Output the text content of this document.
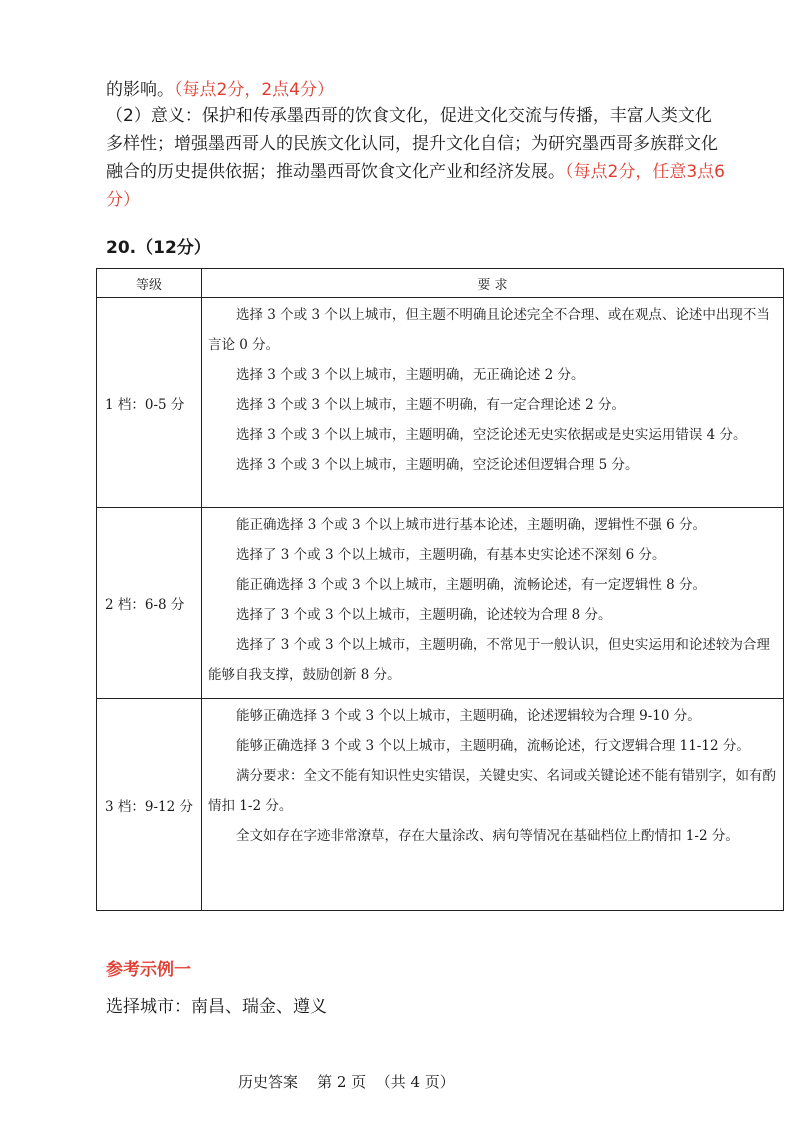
的影响。（每点2分，2点4分）
（2）意义：保护和传承墨西哥的饮食文化，促进文化交流与传播，丰富人类文化多样性；增强墨西哥人的民族文化认同，提升文化自信；为研究墨西哥多族群文化融合的历史提供依据；推动墨西哥饮食文化产业和经济发展。（每点2分，任意3点6分）
20.（12分）
等级	要 求
1 档：0-5 分	选择 3 个或 3 个以上城市，但主题不明确且论述完全不合理、或在观点、论述中出现不当言论 0 分。

选择 3 个或 3 个以上城市，主题明确，无正确论述 2 分。

选择 3 个或 3 个以上城市，主题不明确，有一定合理论述 2 分。

选择 3 个或 3 个以上城市，主题明确，空泛论述无史实依据或是史实运用错误 4 分。

选择 3 个或 3 个以上城市，主题明确，空泛论述但逻辑合理 5 分。

2 档：6-8 分	能正确选择 3 个或 3 个以上城市进行基本论述，主题明确，逻辑性不强 6 分。

选择了 3 个或 3 个以上城市，主题明确，有基本史实论述不深刻 6 分。

能正确选择 3 个或 3 个以上城市，主题明确，流畅论述，有一定逻辑性 8 分。

选择了 3 个或 3 个以上城市，主题明确，论述较为合理 8 分。

选择了 3 个或 3 个以上城市，主题明确，不常见于一般认识，但史实运用和论述较为合理能够自我支撑，鼓励创新 8 分。

3 档：9-12 分	能够正确选择 3 个或 3 个以上城市，主题明确，论述逻辑较为合理 9-10 分。

能够正确选择 3 个或 3 个以上城市，主题明确，流畅论述，行文逻辑合理 11-12 分。

满分要求：全文不能有知识性史实错误，关键史实、名词或关键论述不能有错别字，如有酌情扣 1-2 分。

全文如存在字迹非常潦草，存在大量涂改、病句等情况在基础档位上酌情扣 1-2 分。

参考示例一
选择城市：南昌、瑞金、遵义
历史答案    第 2 页  （共 4 页）
